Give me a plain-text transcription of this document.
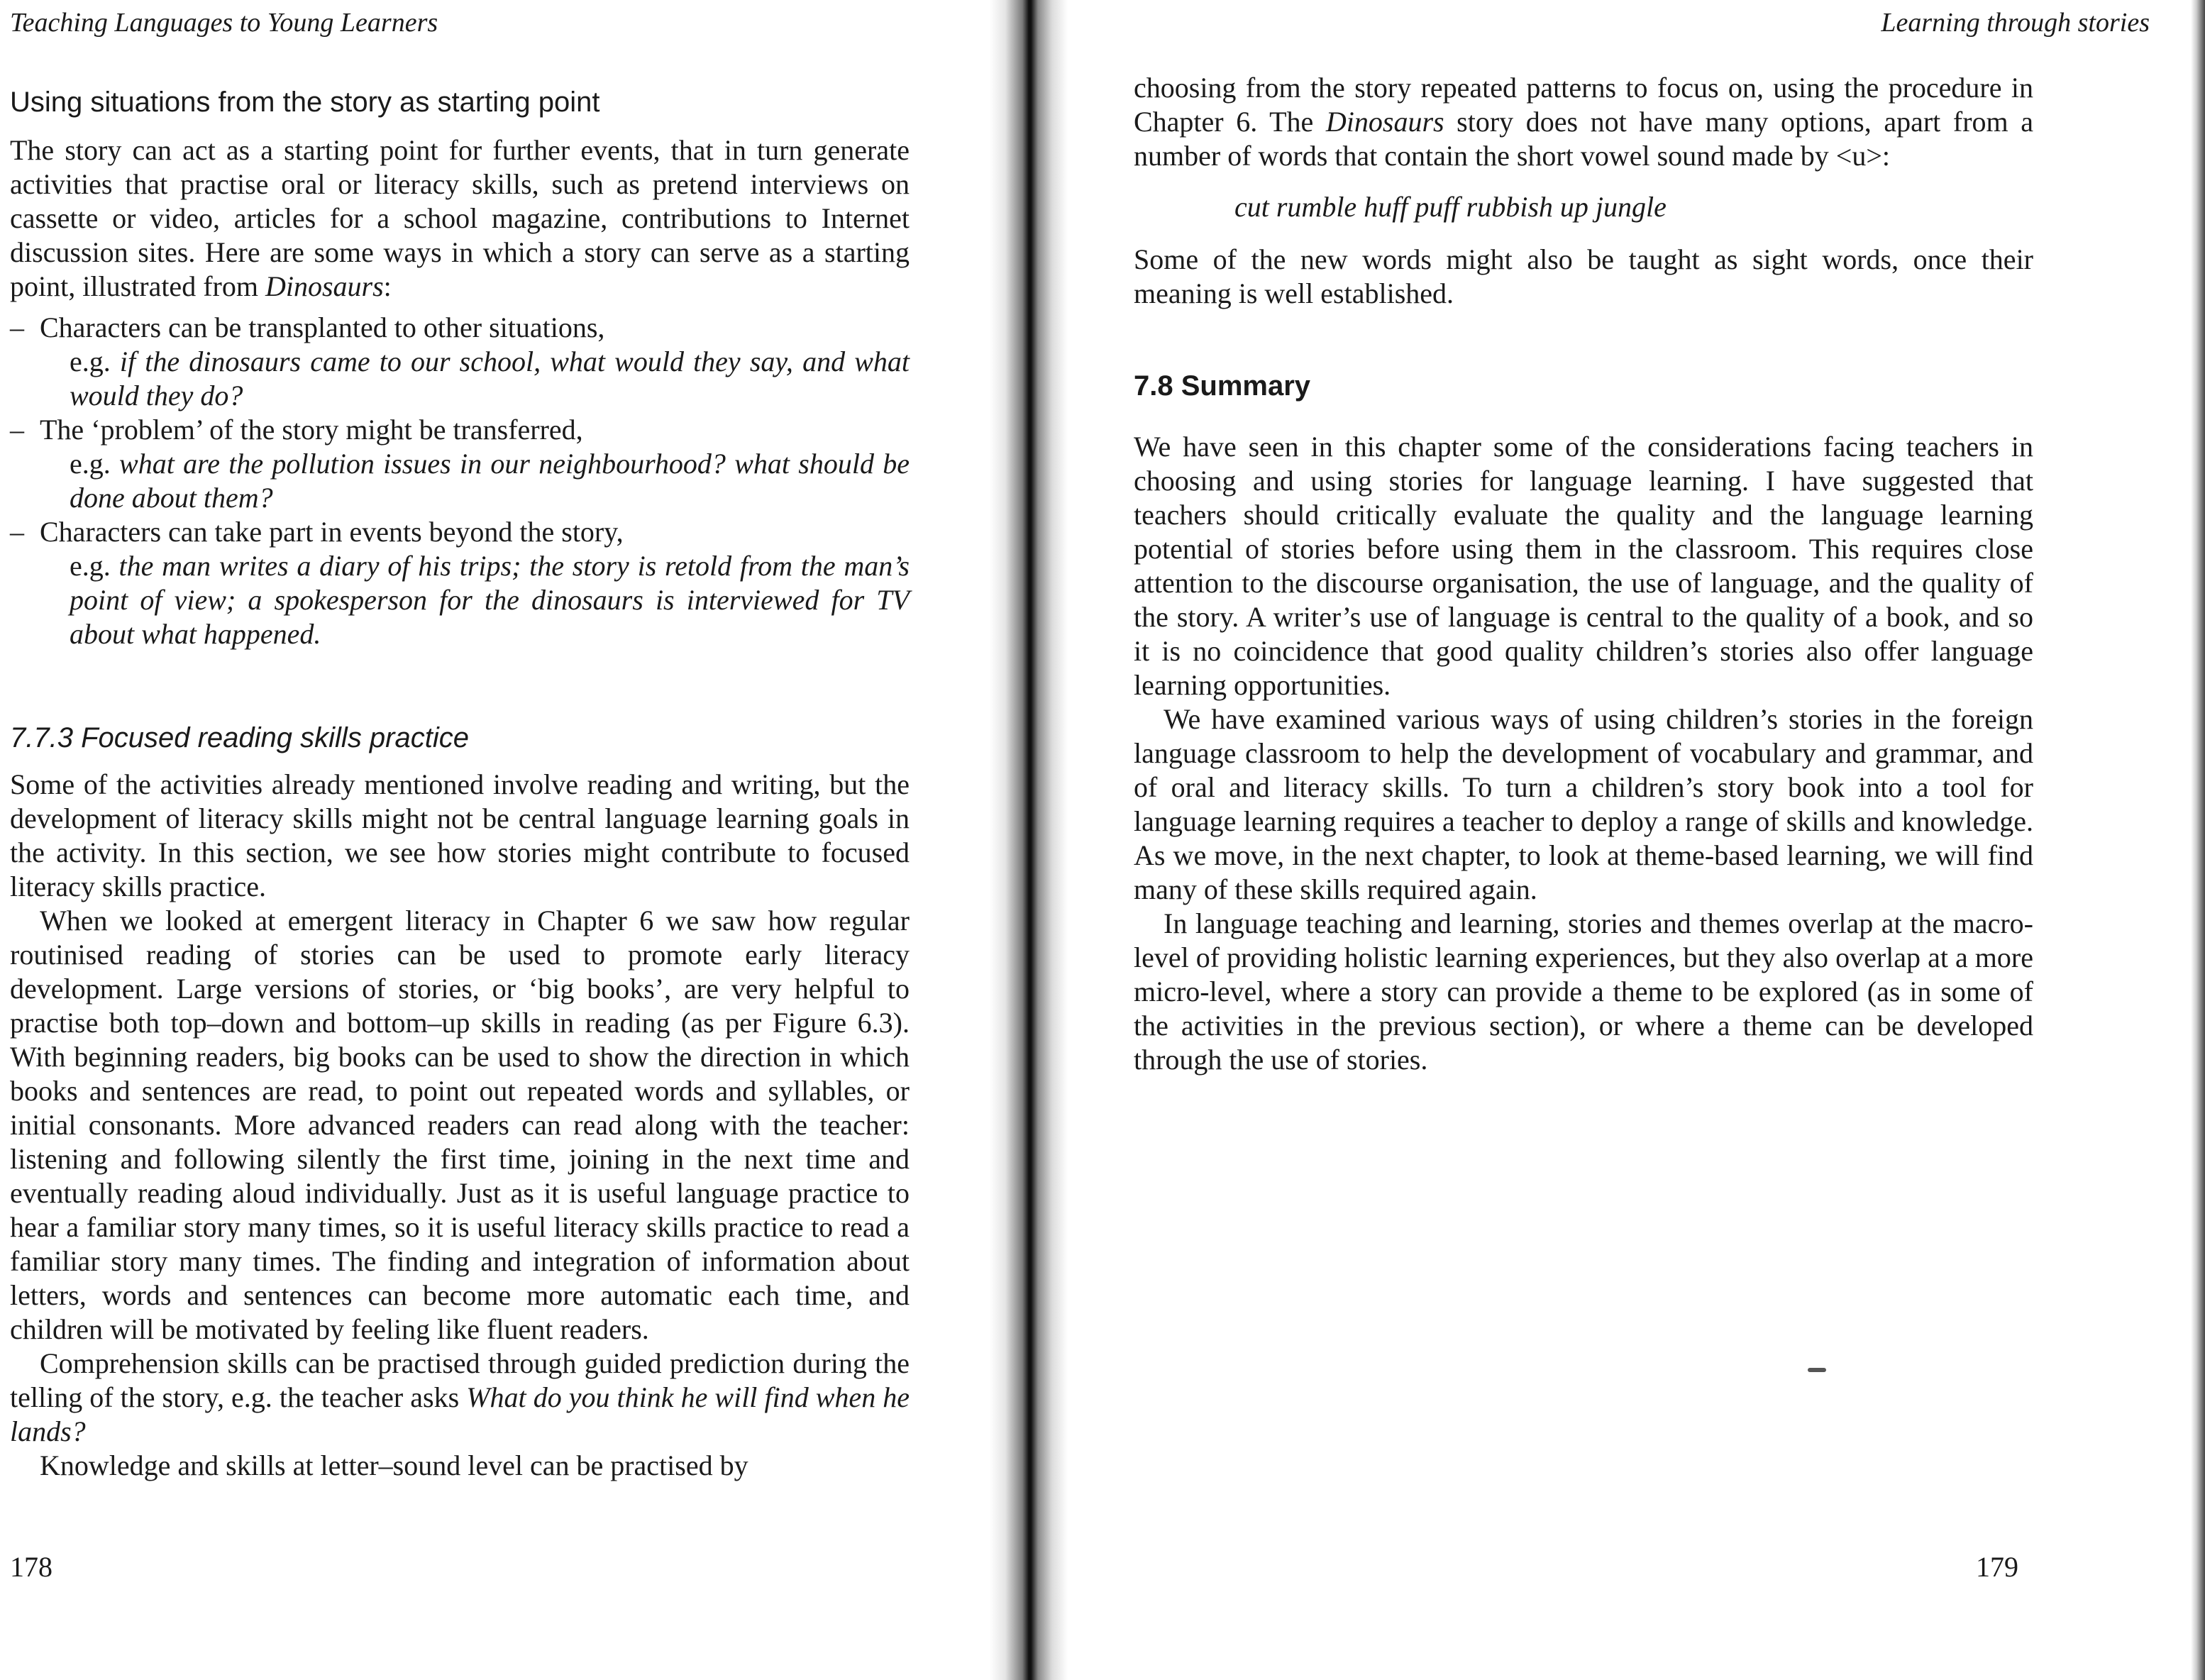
Teaching Languages to Young Learners
Using situations from the story as starting point

The story can act as a starting point for further events, that in turn generate activities that practise oral or literacy skills, such as pretend interviews on cassette or video, articles for a school magazine, contributions to Internet discussion sites. Here are some ways in which a story can serve as a starting point, illustrated from Dinosaurs:

– Characters can be transplanted to other situations,
e.g. if the dinosaurs came to our school, what would they say, and what would they do?
– The ‘problem’ of the story might be transferred,
e.g. what are the pollution issues in our neighbourhood? what should be done about them?
– Characters can take part in events beyond the story,
e.g. the man writes a diary of his trips; the story is retold from the man’s point of view; a spokesperson for the dinosaurs is interviewed for TV about what happened.
7.7.3 Focused reading skills practice

Some of the activities already mentioned involve reading and writing, but the development of literacy skills might not be central language learning goals in the activity. In this section, we see how stories might contribute to focused literacy skills practice.

When we looked at emergent literacy in Chapter 6 we saw how regular routinised reading of stories can be used to promote early literacy development. Large versions of stories, or ‘big books’, are very helpful to practise both top–down and bottom–up skills in reading (as per Figure 6.3). With beginning readers, big books can be used to show the direction in which books and sentences are read, to point out repeated words and syllables, or initial consonants. More advanced readers can read along with the teacher: listening and following silently the first time, joining in the next time and eventually reading aloud individually. Just as it is useful language practice to hear a familiar story many times, so it is useful literacy skills practice to read a familiar story many times. The finding and integration of information about letters, words and sentences can become more automatic each time, and children will be motivated by feeling like fluent readers.

Comprehension skills can be practised through guided prediction during the telling of the story, e.g. the teacher asks What do you think he will find when he lands?

Knowledge and skills at letter–sound level can be practised by

178
Learning through stories

choosing from the story repeated patterns to focus on, using the procedure in Chapter 6. The Dinosaurs story does not have many options, apart from a number of words that contain the short vowel sound made by <u>:

cut rumble huff puff rubbish up jungle

Some of the new words might also be taught as sight words, once their meaning is well established.

7.8 Summary

We have seen in this chapter some of the considerations facing teachers in choosing and using stories for language learning. I have suggested that teachers should critically evaluate the quality and the language learning potential of stories before using them in the classroom. This requires close attention to the discourse organisation, the use of language, and the quality of the story. A writer’s use of language is central to the quality of a book, and so it is no coincidence that good quality children’s stories also offer language learning opportunities.

We have examined various ways of using children’s stories in the foreign language classroom to help the development of vocabulary and grammar, and of oral and literacy skills. To turn a children’s story book into a tool for language learning requires a teacher to deploy a range of skills and knowledge. As we move, in the next chapter, to look at theme-based learning, we will find many of these skills required again.

In language teaching and learning, stories and themes overlap at the macro-level of providing holistic learning experiences, but they also overlap at a more micro-level, where a story can provide a theme to be explored (as in some of the activities in the previous section), or where a theme can be developed through the use of stories.

179
